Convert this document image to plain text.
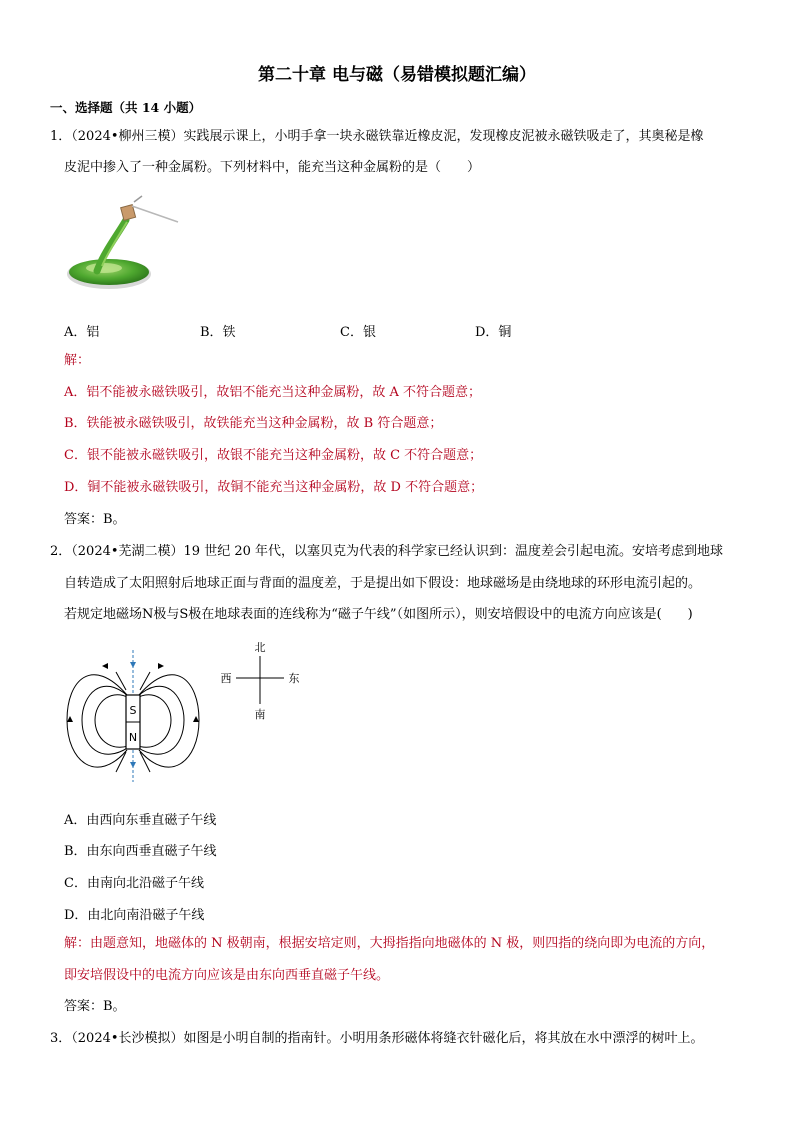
第二十章 电与磁（易错模拟题汇编）
一、选择题（共 14 小题）
1．（2024•柳州三模）实践展示课上，小明手拿一块永磁铁靠近橡皮泥，发现橡皮泥被永磁铁吸走了，其奥秘是橡
皮泥中掺入了一种金属粉。下列材料中，能充当这种金属粉的是（　　）
A．铝	B．铁	C．银	D．铜
解：
A．铝不能被永磁铁吸引，故铝不能充当这种金属粉，故 A 不符合题意；
B．铁能被永磁铁吸引，故铁能充当这种金属粉，故 B 符合题意；
C．银不能被永磁铁吸引，故银不能充当这种金属粉，故 C 不符合题意；
D．铜不能被永磁铁吸引，故铜不能充当这种金属粉，故 D 不符合题意；
答案：B。
2．（2024•芜湖二模）19 世纪 20 年代，以塞贝克为代表的科学家已经认识到：温度差会引起电流。安培考虑到地球
自转造成了太阳照射后地球正面与背面的温度差，于是提出如下假设：地球磁场是由绕地球的环形电流引起的。
若规定地磁场N极与S极在地球表面的连线称为“磁子午线”（如图所示），则安培假设中的电流方向应该是(　　)
S
N
北
南
西	东
A．由西向东垂直磁子午线
B．由东向西垂直磁子午线
C．由南向北沿磁子午线
D．由北向南沿磁子午线
解：由题意知，地磁体的 N 极朝南，根据安培定则，大拇指指向地磁体的 N 极，则四指的绕向即为电流的方向，
即安培假设中的电流方向应该是由东向西垂直磁子午线。
答案：B。
3．（2024•长沙模拟）如图是小明自制的指南针。小明用条形磁体将缝衣针磁化后，将其放在水中漂浮的树叶上。
